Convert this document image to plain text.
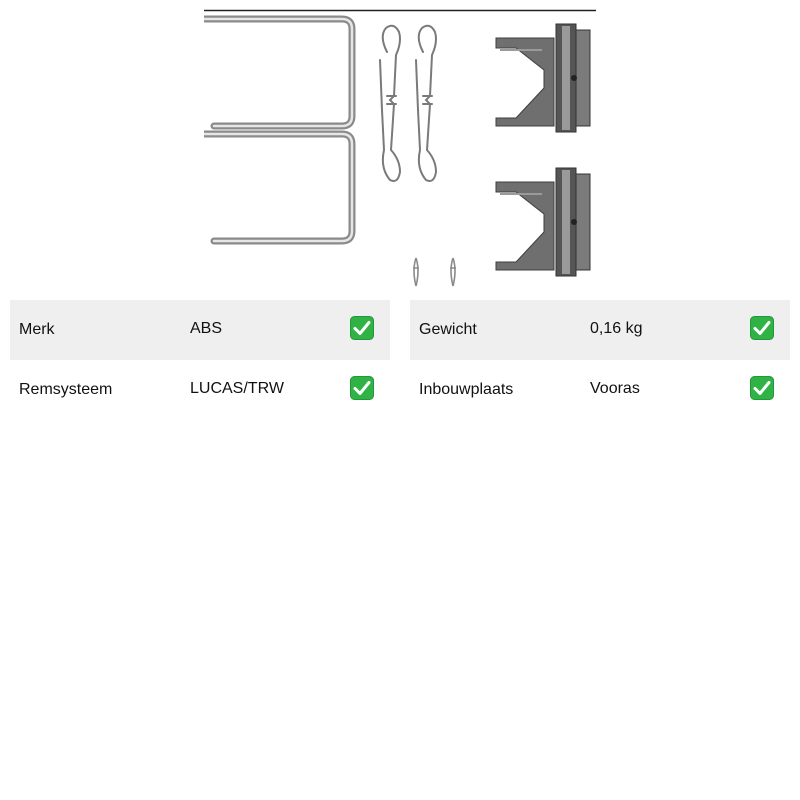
Merk	ABS
Remsysteem	LUCAS/TRW
Gewicht	0,16 kg
Inbouwplaats	Vooras
